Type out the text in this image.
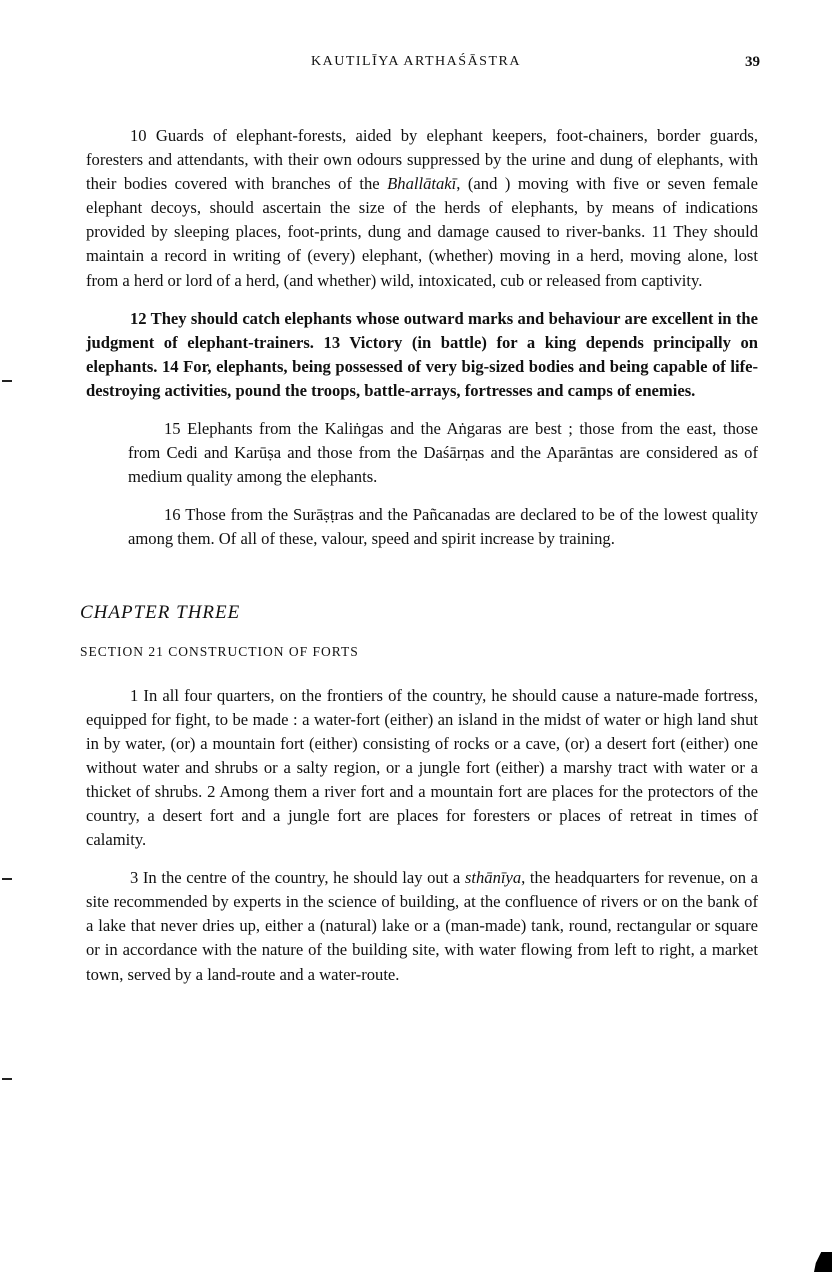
KAUTILĪYA ARTHAŚĀSTRA	39

10 Guards of elephant-forests, aided by elephant keepers, foot-chainers, border guards, foresters and attendants, with their own odours suppressed by the urine and dung of elephants, with their bodies covered with branches of the Bhallātakī, (and ) moving with five or seven female elephant decoys, should ascertain the size of the herds of elephants, by means of indications provided by sleeping places, foot-prints, dung and damage caused to river-banks. 11 They should maintain a record in writing of (every) elephant, (whether) moving in a herd, moving alone, lost from a herd or lord of a herd, (and whether) wild, intoxicated, cub or released from captivity.

12 They should catch elephants whose outward marks and behaviour are excellent in the judgment of elephant-trainers. 13 Victory (in battle) for a king depends principally on elephants. 14 For, elephants, being possessed of very big-sized bodies and being capable of life-destroying activities, pound the troops, battle-arrays, fortresses and camps of enemies.

15 Elephants from the Kaliṅgas and the Aṅgaras are best ; those from the east, those from Cedi and Karūṣa and those from the Daśārṇas and the Aparāntas are considered as of medium quality among the elephants.

16 Those from the Surāṣṭras and the Pañcanadas are declared to be of the lowest quality among them. Of all of these, valour, speed and spirit increase by training.

CHAPTER THREE
SECTION 21 CONSTRUCTION OF FORTS

1 In all four quarters, on the frontiers of the country, he should cause a nature-made fortress, equipped for fight, to be made : a water-fort (either) an island in the midst of water or high land shut in by water, (or) a mountain fort (either) consisting of rocks or a cave, (or) a desert fort (either) one without water and shrubs or a salty region, or a jungle fort (either) a marshy tract with water or a thicket of shrubs. 2 Among them a river fort and a mountain fort are places for the protectors of the country, a desert fort and a jungle fort are places for foresters or places of retreat in times of calamity.

3 In the centre of the country, he should lay out a sthānīya, the headquarters for revenue, on a site recommended by experts in the science of building, at the confluence of rivers or on the bank of a lake that never dries up, either a (natural) lake or a (man-made) tank, round, rectangular or square or in accordance with the nature of the building site, with water flowing from left to right, a market town, served by a land-route and a water-route.
